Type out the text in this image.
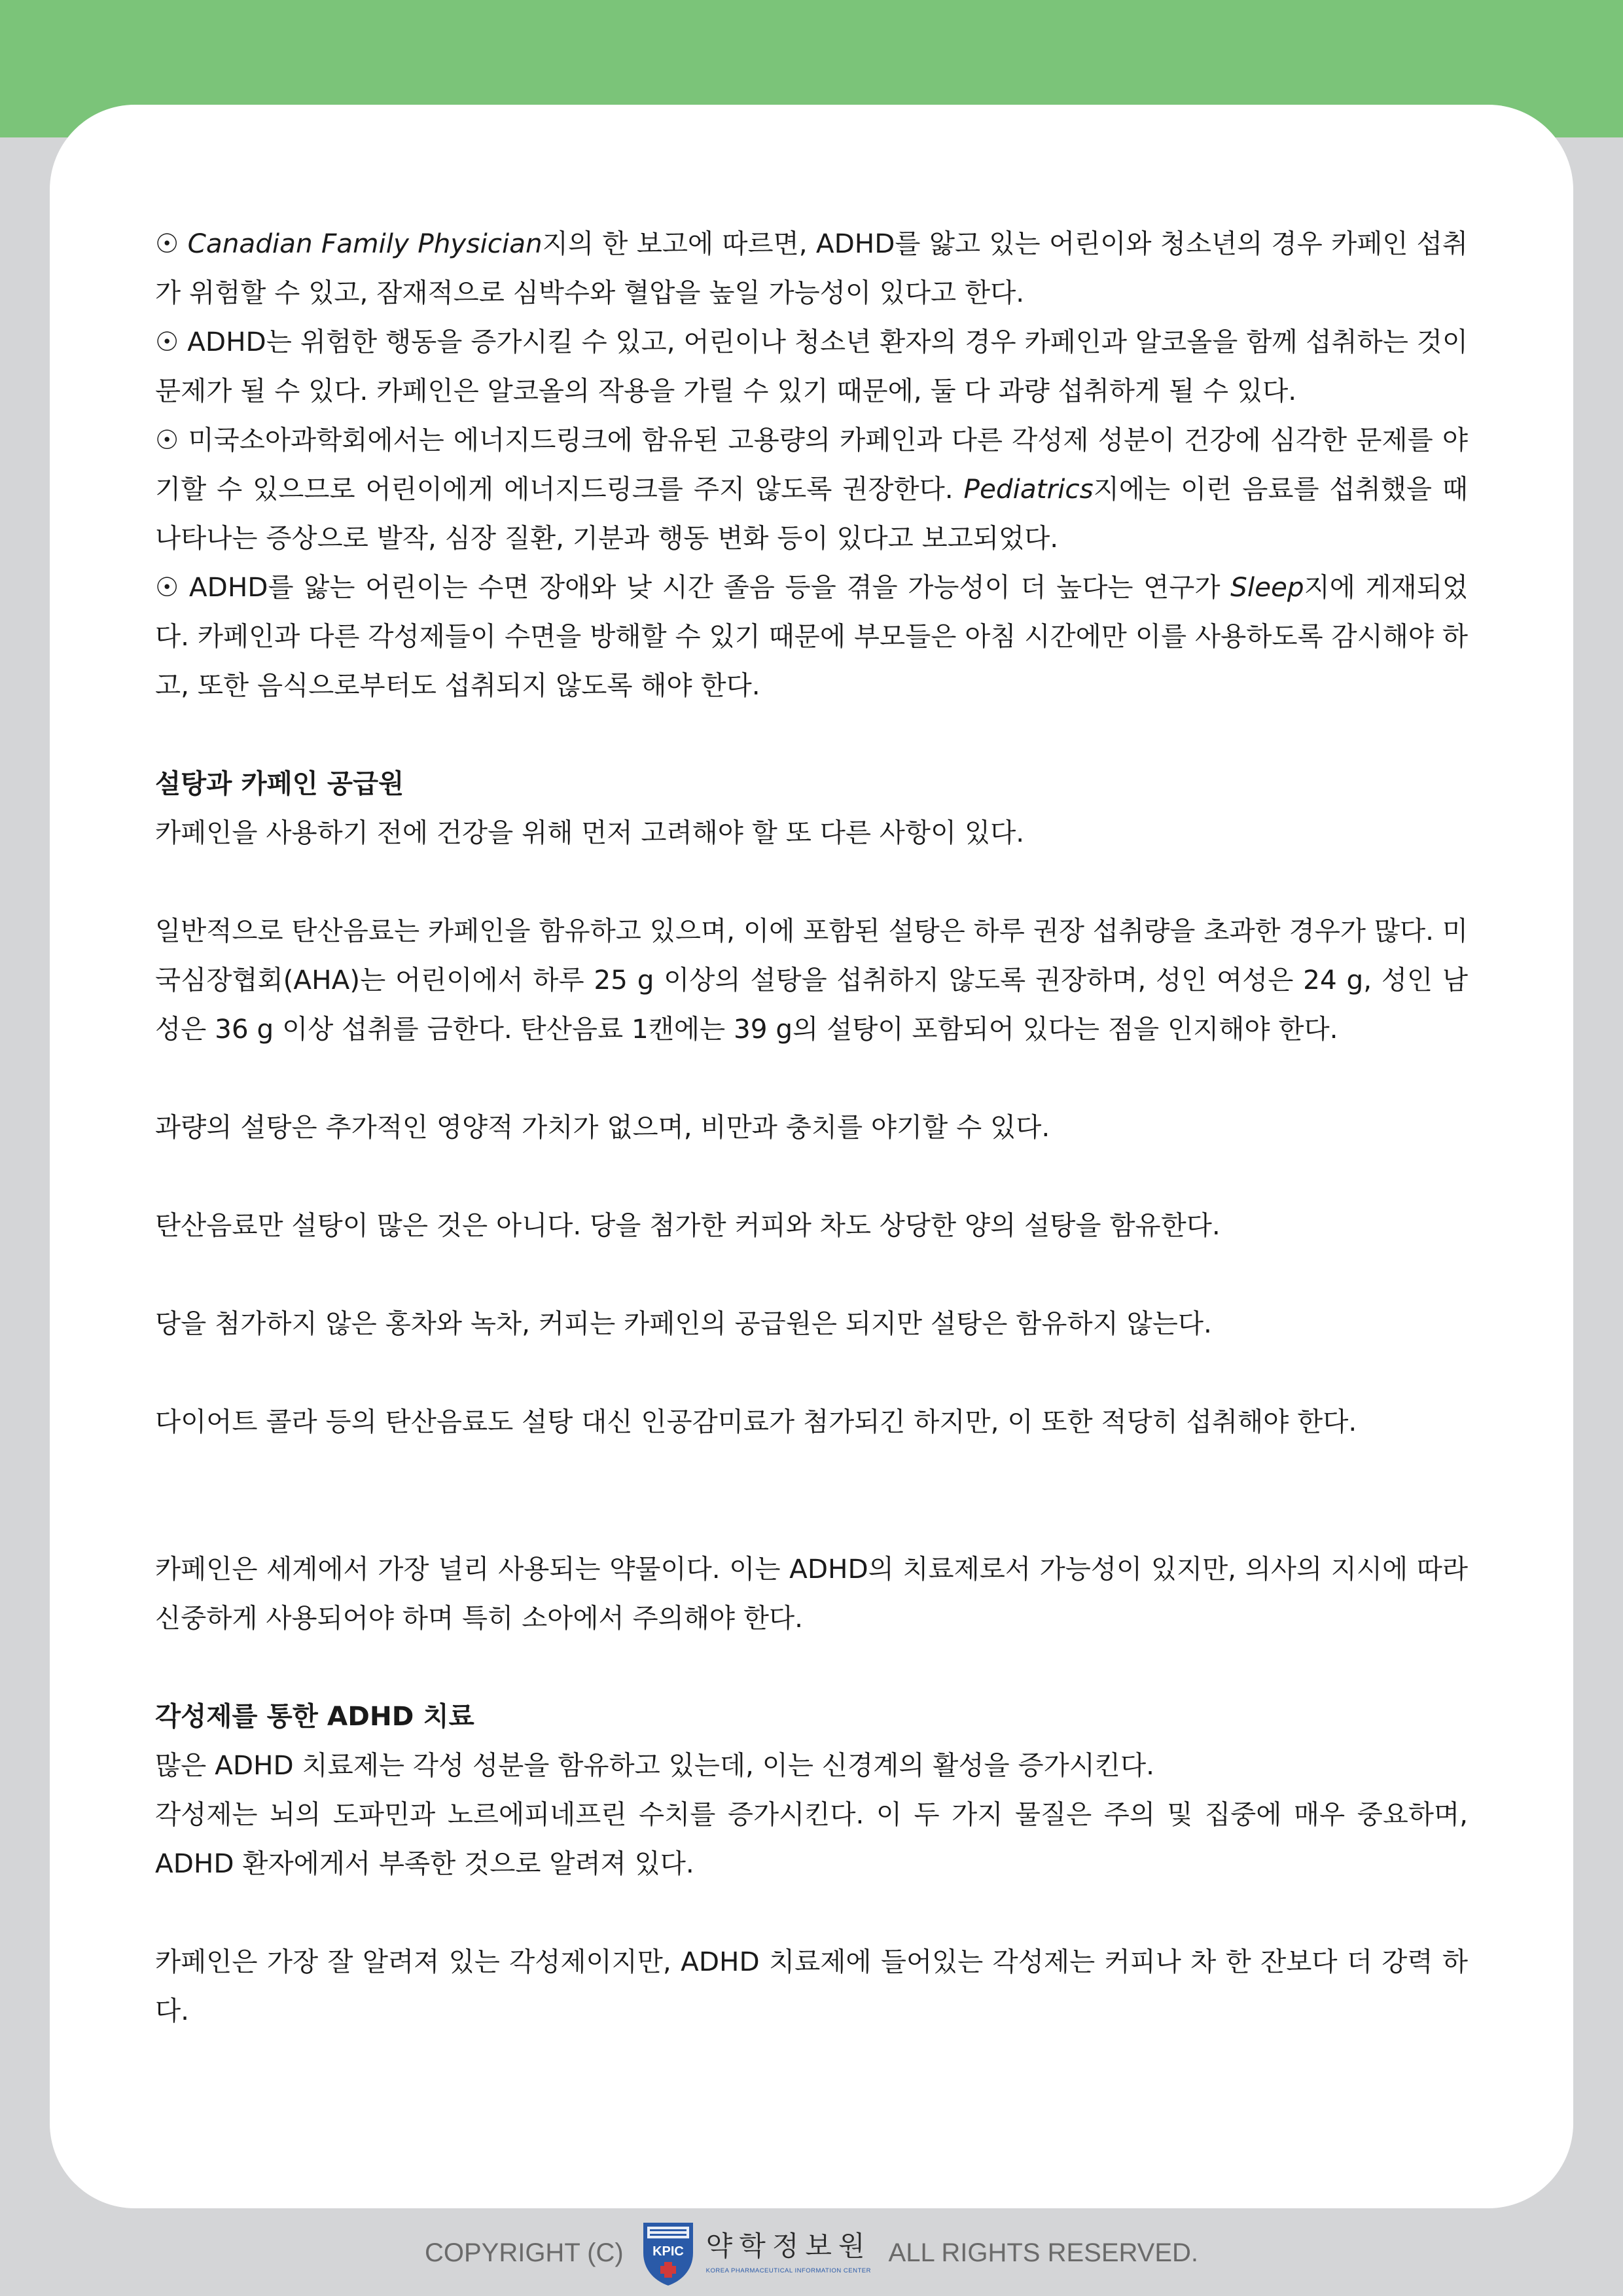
☉ Canadian Family Physician지의 한 보고에 따르면, ADHD를 앓고 있는 어린이와 청소년의 경우 카페인 섭취가 위험할 수 있고, 잠재적으로 심박수와 혈압을 높일 가능성이 있다고 한다.

☉ ADHD는 위험한 행동을 증가시킬 수 있고, 어린이나 청소년 환자의 경우 카페인과 알코올을 함께 섭취하는 것이 문제가 될 수 있다. 카페인은 알코올의 작용을 가릴 수 있기 때문에, 둘 다 과량 섭취하게 될 수 있다.

☉ 미국소아과학회에서는 에너지드링크에 함유된 고용량의 카페인과 다른 각성제 성분이 건강에 심각한 문제를 야기할 수 있으므로 어린이에게 에너지드링크를 주지 않도록 권장한다. Pediatrics지에는 이런 음료를 섭취했을 때 나타나는 증상으로 발작, 심장 질환, 기분과 행동 변화 등이 있다고 보고되었다.

☉ ADHD를 앓는 어린이는 수면 장애와 낮 시간 졸음 등을 겪을 가능성이 더 높다는 연구가 Sleep지에 게재되었다. 카페인과 다른 각성제들이 수면을 방해할 수 있기 때문에 부모들은 아침 시간에만 이를 사용하도록 감시해야 하고, 또한 음식으로부터도 섭취되지 않도록 해야 한다.

설탕과 카페인 공급원

카페인을 사용하기 전에 건강을 위해 먼저 고려해야 할 또 다른 사항이 있다.

일반적으로 탄산음료는 카페인을 함유하고 있으며, 이에 포함된 설탕은 하루 권장 섭취량을 초과한 경우가 많다. 미국심장협회(AHA)는 어린이에서 하루 25 g 이상의 설탕을 섭취하지 않도록 권장하며, 성인 여성은 24 g, 성인 남성은 36 g 이상 섭취를 금한다. 탄산음료 1캔에는 39 g의 설탕이 포함되어 있다는 점을 인지해야 한다.

과량의 설탕은 추가적인 영양적 가치가 없으며, 비만과 충치를 야기할 수 있다.

탄산음료만 설탕이 많은 것은 아니다. 당을 첨가한 커피와 차도 상당한 양의 설탕을 함유한다.

당을 첨가하지 않은 홍차와 녹차, 커피는 카페인의 공급원은 되지만 설탕은 함유하지 않는다.

다이어트 콜라 등의 탄산음료도 설탕 대신 인공감미료가 첨가되긴 하지만, 이 또한 적당히 섭취해야 한다.

카페인은 세계에서 가장 널리 사용되는 약물이다. 이는 ADHD의 치료제로서 가능성이 있지만, 의사의 지시에 따라 신중하게 사용되어야 하며 특히 소아에서 주의해야 한다.

각성제를 통한 ADHD 치료

많은 ADHD 치료제는 각성 성분을 함유하고 있는데, 이는 신경계의 활성을 증가시킨다.

각성제는 뇌의 도파민과 노르에피네프린 수치를 증가시킨다. 이 두 가지 물질은 주의 및 집중에 매우 중요하며, ADHD 환자에게서 부족한 것으로 알려져 있다.

카페인은 가장 잘 알려져 있는 각성제이지만, ADHD 치료제에 들어있는 각성제는 커피나 차 한 잔보다 더 강력 하다.

COPYRIGHT (C) KPIC 약학정보원
KOREA PHARMACEUTICAL INFORMATION CENTER
ALL RIGHTS RESERVED.
